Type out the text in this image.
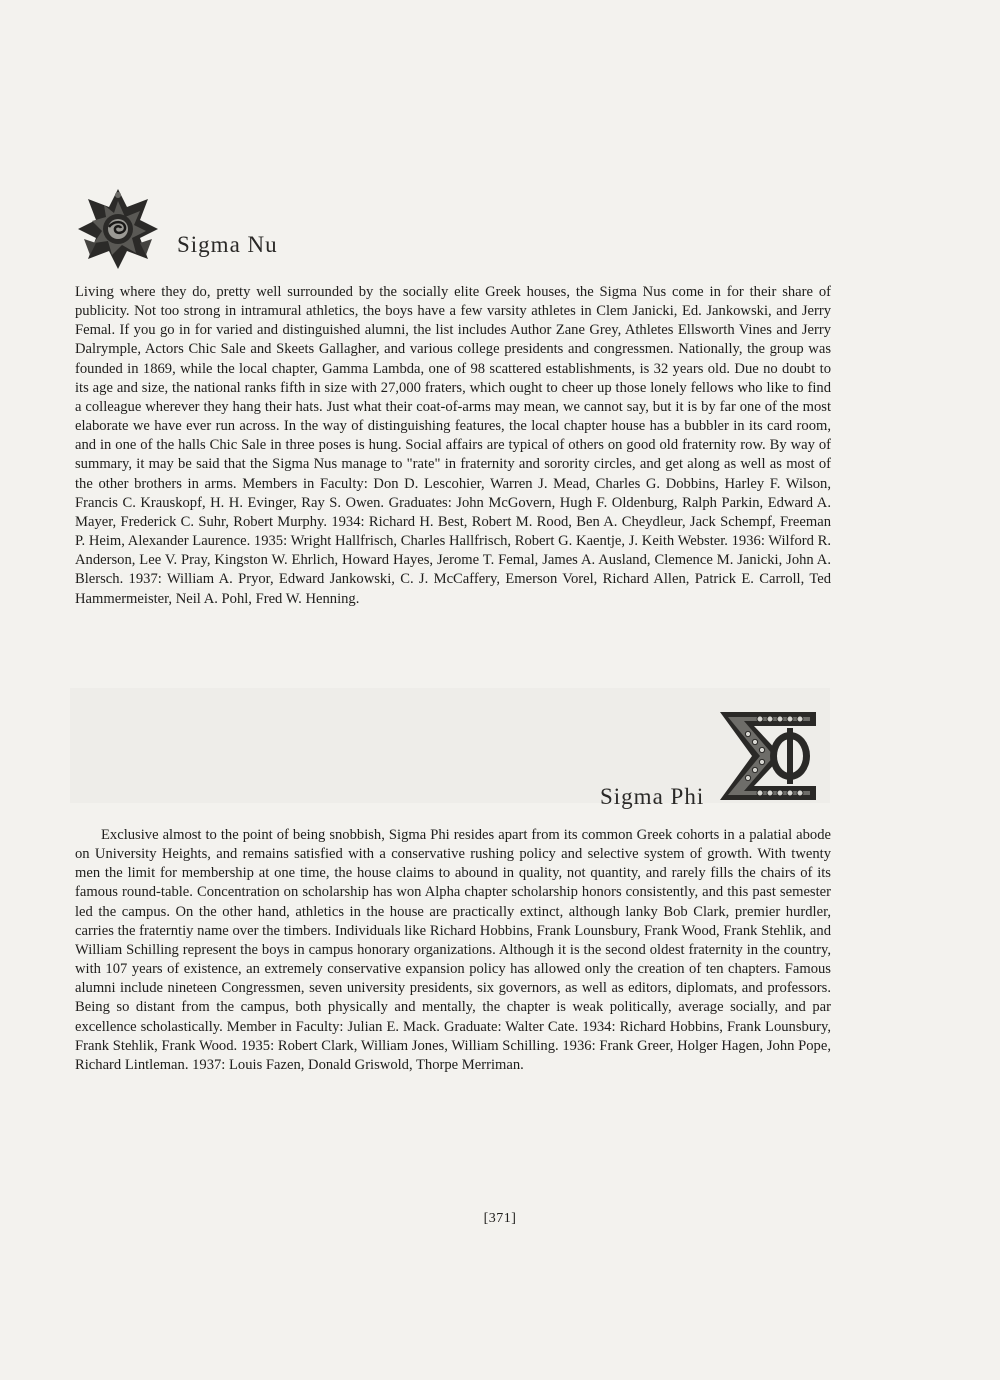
Sigma Nu

Living where they do, pretty well surrounded by the socially elite Greek houses, the Sigma Nus come in for their share of publicity. Not too strong in intramural athletics, the boys have a few varsity athletes in Clem Janicki, Ed. Jankowski, and Jerry Femal. If you go in for varied and distinguished alumni, the list includes Author Zane Grey, Athletes Ellsworth Vines and Jerry Dalrymple, Actors Chic Sale and Skeets Gallagher, and various college presidents and congressmen. Nationally, the group was founded in 1869, while the local chapter, Gamma Lambda, one of 98 scattered establishments, is 32 years old. Due no doubt to its age and size, the national ranks fifth in size with 27,000 fraters, which ought to cheer up those lonely fellows who like to find a colleague wherever they hang their hats. Just what their coat-of-arms may mean, we cannot say, but it is by far one of the most elaborate we have ever run across. In the way of distinguishing features, the local chapter house has a bubbler in its card room, and in one of the halls Chic Sale in three poses is hung. Social affairs are typical of others on good old fraternity row. By way of summary, it may be said that the Sigma Nus manage to "rate" in fraternity and sorority circles, and get along as well as most of the other brothers in arms. Members in Faculty: Don D. Lescohier, Warren J. Mead, Charles G. Dobbins, Harley F. Wilson, Francis C. Krauskopf, H. H. Evinger, Ray S. Owen. Graduates: John McGovern, Hugh F. Oldenburg, Ralph Parkin, Edward A. Mayer, Frederick C. Suhr, Robert Murphy. 1934: Richard H. Best, Robert M. Rood, Ben A. Cheydleur, Jack Schempf, Freeman P. Heim, Alexander Laurence. 1935: Wright Hallfrisch, Charles Hallfrisch, Robert G. Kaentje, J. Keith Webster. 1936: Wilford R. Anderson, Lee V. Pray, Kingston W. Ehrlich, Howard Hayes, Jerome T. Femal, James A. Ausland, Clemence M. Janicki, John A. Blersch. 1937: William A. Pryor, Edward Jankowski, C. J. McCaffery, Emerson Vorel, Richard Allen, Patrick E. Carroll, Ted Hammermeister, Neil A. Pohl, Fred W. Henning.

Sigma Phi

Exclusive almost to the point of being snobbish, Sigma Phi resides apart from its common Greek cohorts in a palatial abode on University Heights, and remains satisfied with a conservative rushing policy and selective system of growth. With twenty men the limit for membership at one time, the house claims to abound in quality, not quantity, and rarely fills the chairs of its famous round-table. Concentration on scholarship has won Alpha chapter scholarship honors consistently, and this past semester led the campus. On the other hand, athletics in the house are practically extinct, although lanky Bob Clark, premier hurdler, carries the fraterntiy name over the timbers. Individuals like Richard Hobbins, Frank Lounsbury, Frank Wood, Frank Stehlik, and William Schilling represent the boys in campus honorary organizations. Although it is the second oldest fraternity in the country, with 107 years of existence, an extremely conservative expansion policy has allowed only the creation of ten chapters. Famous alumni include nineteen Congressmen, seven university presidents, six governors, as well as editors, diplomats, and professors. Being so distant from the campus, both physically and mentally, the chapter is weak politically, average socially, and par excellence scholastically. Member in Faculty: Julian E. Mack. Graduate: Walter Cate. 1934: Richard Hobbins, Frank Lounsbury, Frank Stehlik, Frank Wood. 1935: Robert Clark, William Jones, William Schilling. 1936: Frank Greer, Holger Hagen, John Pope, Richard Lintleman. 1937: Louis Fazen, Donald Griswold, Thorpe Merriman.

[371]
